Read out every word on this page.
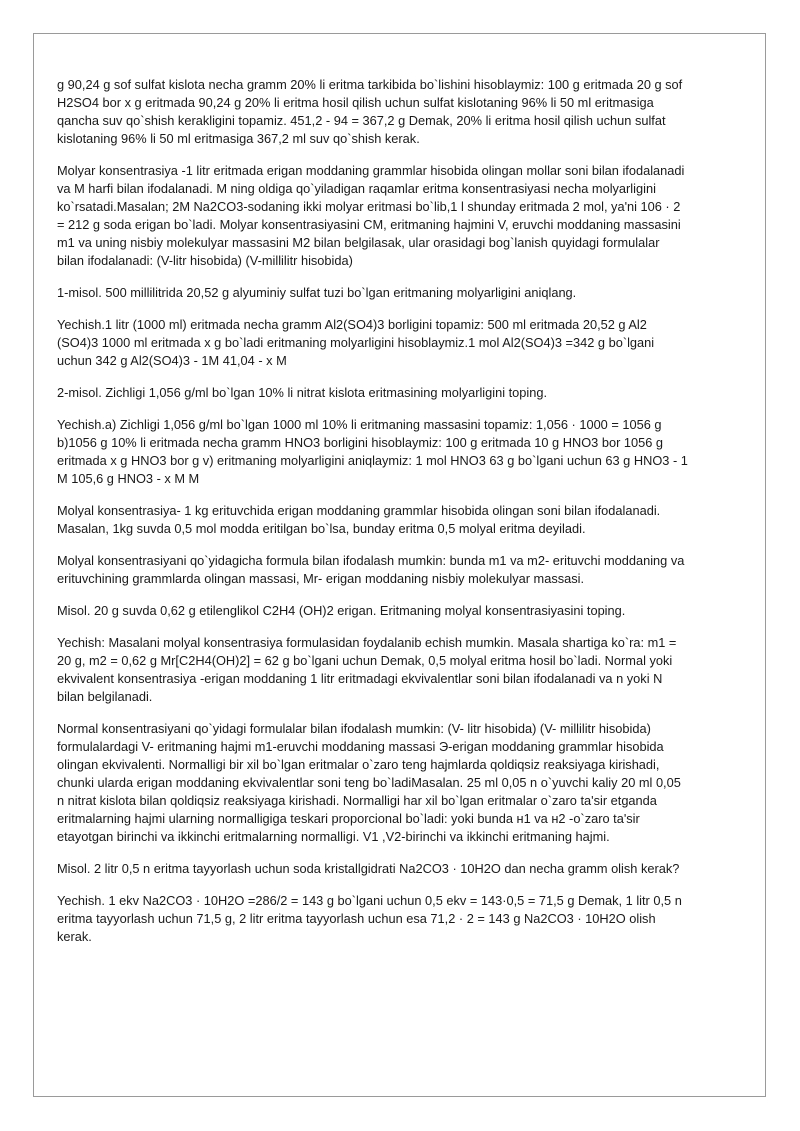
g 90,24 g sof sulfat kislota necha gramm 20% li eritma tarkibida bo`lishini hisoblaymiz: 100 g eritmada 20 g sof H2SO4 bor x g eritmada 90,24 g 20% li eritma hosil qilish uchun sulfat kislotaning 96% li 50 ml eritmasiga qancha suv qo`shish kerakligini topamiz. 451,2 - 94 = 367,2 g Demak, 20% li eritma hosil qilish uchun sulfat kislotaning 96% li 50 ml eritmasiga 367,2 ml suv qo`shish kerak.

Molyar konsentrasiya -1 litr eritmada erigan moddaning grammlar hisobida olingan mollar soni bilan ifodalanadi va M harfi bilan ifodalanadi. M ning oldiga qo`yiladigan raqamlar eritma konsentrasiyasi necha molyarligini ko`rsatadi.Masalan; 2M Na2CO3-sodaning ikki molyar eritmasi bo`lib,1 l shunday eritmada 2 mol, ya'ni 106 · 2 = 212 g soda erigan bo`ladi. Molyar konsentrasiyasini CM, eritmaning hajmini V, eruvchi moddaning massasini m1 va uning nisbiy molekulyar massasini M2 bilan belgilasak, ular orasidagi bog`lanish quyidagi formulalar bilan ifodalanadi: (V-litr hisobida) (V-millilitr hisobida)

1-misol. 500 millilitrida 20,52 g alyuminiy sulfat tuzi bo`lgan eritmaning molyarligini aniqlang.

Yechish.1 litr (1000 ml) eritmada necha gramm Al2(SO4)3 borligini topamiz: 500 ml eritmada 20,52 g Al2 (SO4)3 1000 ml eritmada x g bo`ladi eritmaning molyarligini hisoblaymiz.1 mol Al2(SO4)3 =342 g bo`lgani uchun 342 g Al2(SO4)3 - 1M 41,04 - x M

2-misol. Zichligi 1,056 g/ml bo`lgan 10% li nitrat kislota eritmasining molyarligini toping.

Yechish.a) Zichligi 1,056 g/ml bo`lgan 1000 ml 10% li eritmaning massasini topamiz: 1,056 · 1000 = 1056 g b)1056 g 10% li eritmada necha gramm HNO3 borligini hisoblaymiz: 100 g eritmada 10 g HNO3 bor 1056 g eritmada x g HNO3 bor g v) eritmaning molyarligini aniqlaymiz: 1 mol HNO3 63 g bo`lgani uchun 63 g HNO3 - 1 M 105,6 g HNO3 - x M M

Molyal konsentrasiya- 1 kg erituvchida erigan moddaning grammlar hisobida olingan soni bilan ifodalanadi. Masalan, 1kg suvda 0,5 mol modda eritilgan bo`lsa, bunday eritma 0,5 molyal eritma deyiladi.

Molyal konsentrasiyani qo`yidagicha formula bilan ifodalash mumkin: bunda m1 va m2- erituvchi moddaning va erituvchining grammlarda olingan massasi, Mr- erigan moddaning nisbiy molekulyar massasi.

Misol. 20 g suvda 0,62 g etilenglikol C2H4 (OH)2 erigan. Eritmaning molyal konsentrasiyasini toping.

Yechish: Masalani molyal konsentrasiya formulasidan foydalanib echish mumkin. Masala shartiga ko`ra: m1 = 20 g, m2 = 0,62 g Mr[C2H4(OH)2] = 62 g bo`lgani uchun Demak, 0,5 molyal eritma hosil bo`ladi. Normal yoki ekvivalent konsentrasiya -erigan moddaning 1 litr eritmadagi ekvivalentlar soni bilan ifodalanadi va n yoki N bilan belgilanadi.

Normal konsentrasiyani qo`yidagi formulalar bilan ifodalash mumkin: (V- litr hisobida) (V- millilitr hisobida) formulalardagi V- eritmaning hajmi m1-eruvchi moddaning massasi Э-erigan moddaning grammlar hisobida olingan ekvivalenti. Normalligi bir xil bo`lgan eritmalar o`zaro teng hajmlarda qoldiqsiz reaksiyaga kirishadi, chunki ularda erigan moddaning ekvivalentlar soni teng bo`ladiMasalan. 25 ml 0,05 n o`yuvchi kaliy 20 ml 0,05 n nitrat kislota bilan qoldiqsiz reaksiyaga kirishadi. Normalligi har xil bo`lgan eritmalar o`zaro ta'sir etganda eritmalarning hajmi ularning normalligiga teskari proporcional bo`ladi: yoki bunda н1 va н2 -o`zaro ta'sir etayotgan birinchi va ikkinchi eritmalarning normalligi. V1 ,V2-birinchi va ikkinchi eritmaning hajmi.

Misol. 2 litr 0,5 n eritma tayyorlash uchun soda kristallgidrati Na2CO3 · 10H2O dan necha gramm olish kerak?

Yechish. 1 ekv Na2CO3 · 10H2O =286/2 = 143 g bo`lgani uchun 0,5 ekv = 143·0,5 = 71,5 g Demak, 1 litr 0,5 n eritma tayyorlash uchun 71,5 g, 2 litr eritma tayyorlash uchun esa 71,2 · 2 = 143 g Na2CO3 · 10H2O olish kerak.
